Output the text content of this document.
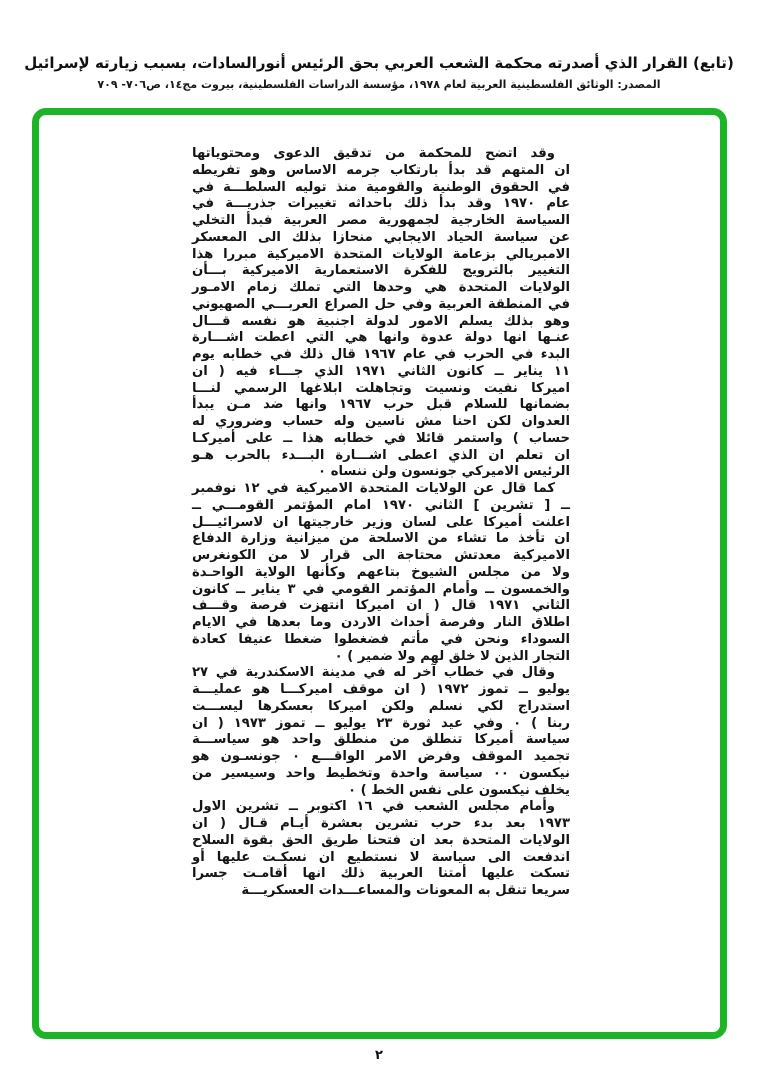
(تابع) القرار الذي أصدرته محكمة الشعب العربي بحق الرئيس أنورالسادات، بسبب زيارته لإسرائيل
المصدر: الوثائق الفلسطينية العربية لعام ١٩٧٨، مؤسسة الدراسات الفلسطينية، بيروت مج١٤، ص٧٠٦- ٧٠٩
وقد اتضح للمحكمة من تدقيق الدعوى ومحتوياتها
ان المتهم قد بدأ بارتكاب جرمه الاساس وهو تفريطه
في الحقوق الوطنية والقومية منذ توليه السلطـــة في
عام ١٩٧٠ وقد بدأ ذلك باحداثه تغييرات جذريـــة في
السياسة الخارجية لجمهورية مصر العربية فبدأ التخلي
عن سياسة الحياد الايجابي منحازا بذلك الى المعسكر
الامبريالي بزعامة الولايات المتحدة الاميركية مبررا هذا
التغيير بالترويج للفكرة الاستعمارية الاميركية بـــأن
الولايات المتحدة هي وحدها التي تملك زمام الامـور
في المنطقة العربية وفي حل الصراع العربـــي الصهيوني
وهو بذلك يسلم الامور لدولة اجنبية هو نفسه قـــال
عنـها انها دولة عدوة وانها هي التي اعطت اشـــارة
البدء في الحرب في عام ١٩٦٧ قال ذلك في خطابه يوم
١١ يناير ــ كانون الثاني ١٩٧١ الذي جـــاء فيه ( ان
اميركا نفيت ونسيت وتجاهلت ابلاغها الرسمي لنـــا
بضمانها للسلام قبل حرب ١٩٦٧ وانها ضد مـن يبدأ
العدوان لكن احنا مش ناسين وله حساب وضروري له
حساب ) واستمر قائلا في خطابه هذا ــ على أميركـا
ان تعلم ان الذي اعطى اشـــارة البـــدء بالحرب هـو
الرئيس الاميركي جونسون ولن ننساه ٠
كما قال عن الولايات المتحدة الاميركية في ١٢ نوفمبر
ــ [ تشرين ] الثاني ١٩٧٠ امام المؤتمر القومـــي ــ
اعلنت أميركا على لسان وزير خارجيتها ان لاسرائيـــل
ان تأخذ ما تشاء من الاسلحة من ميزانية وزارة الدفاع
الاميركية معدتش محتاجة الى قرار لا من الكونغرس
ولا من مجلس الشيوخ بتاعهم وكأنها الولاية الواحـدة
والخمسون ــ وأمام المؤتمر القومي في ٣ يناير ــ كانون
الثاني ١٩٧١ قال ( ان اميركا انتهزت فرصة وقـــف
اطلاق النار وفرصة أحداث الاردن وما بعدها في الايام
السوداء ونحن في مأتم فضغطوا ضغطا عنيفا كعادة
التجار الذين لا خلق لهم ولا ضمير ) ٠
وقال في خطاب آخر له في مدينة الاسكندرية في ٢٧
يوليو ــ تموز ١٩٧٢ ( ان موقف اميركـــا هو عمليـــة
استدراج لكي نسلم ولكن اميركا بعسكرها ليســـت
ربنا ) ٠ وفي عيد ثورة ٢٣ يوليو ــ تموز ١٩٧٣ ( ان
سياسة أميركا تنطلق من منطلق واحد هو سياســـة
تجميد الموقف وفرض الامر الواقـــع ٠ جونسـون هو
نيكسون ٠٠ سياسة واحدة وتخطيط واحد وسيسير من
يخلف نيكسون على نفس الخط ) ٠
وأمام مجلس الشعب في ١٦ اكتوبر ــ تشرين الاول
١٩٧٣ بعد بدء حرب تشرين بعشرة أيـام قـال ( ان
الولايات المتحدة بعد ان فتحنا طريق الحق بقوة السلاح
اندفعت الى سياسة لا نستطيع ان نسكـت عليها أو
تسكت عليها أمتنا العربية ذلك انها أقامـت جسرا
سريعا تنقل به المعونات والمساعـــدات العسكريـــة
٢
